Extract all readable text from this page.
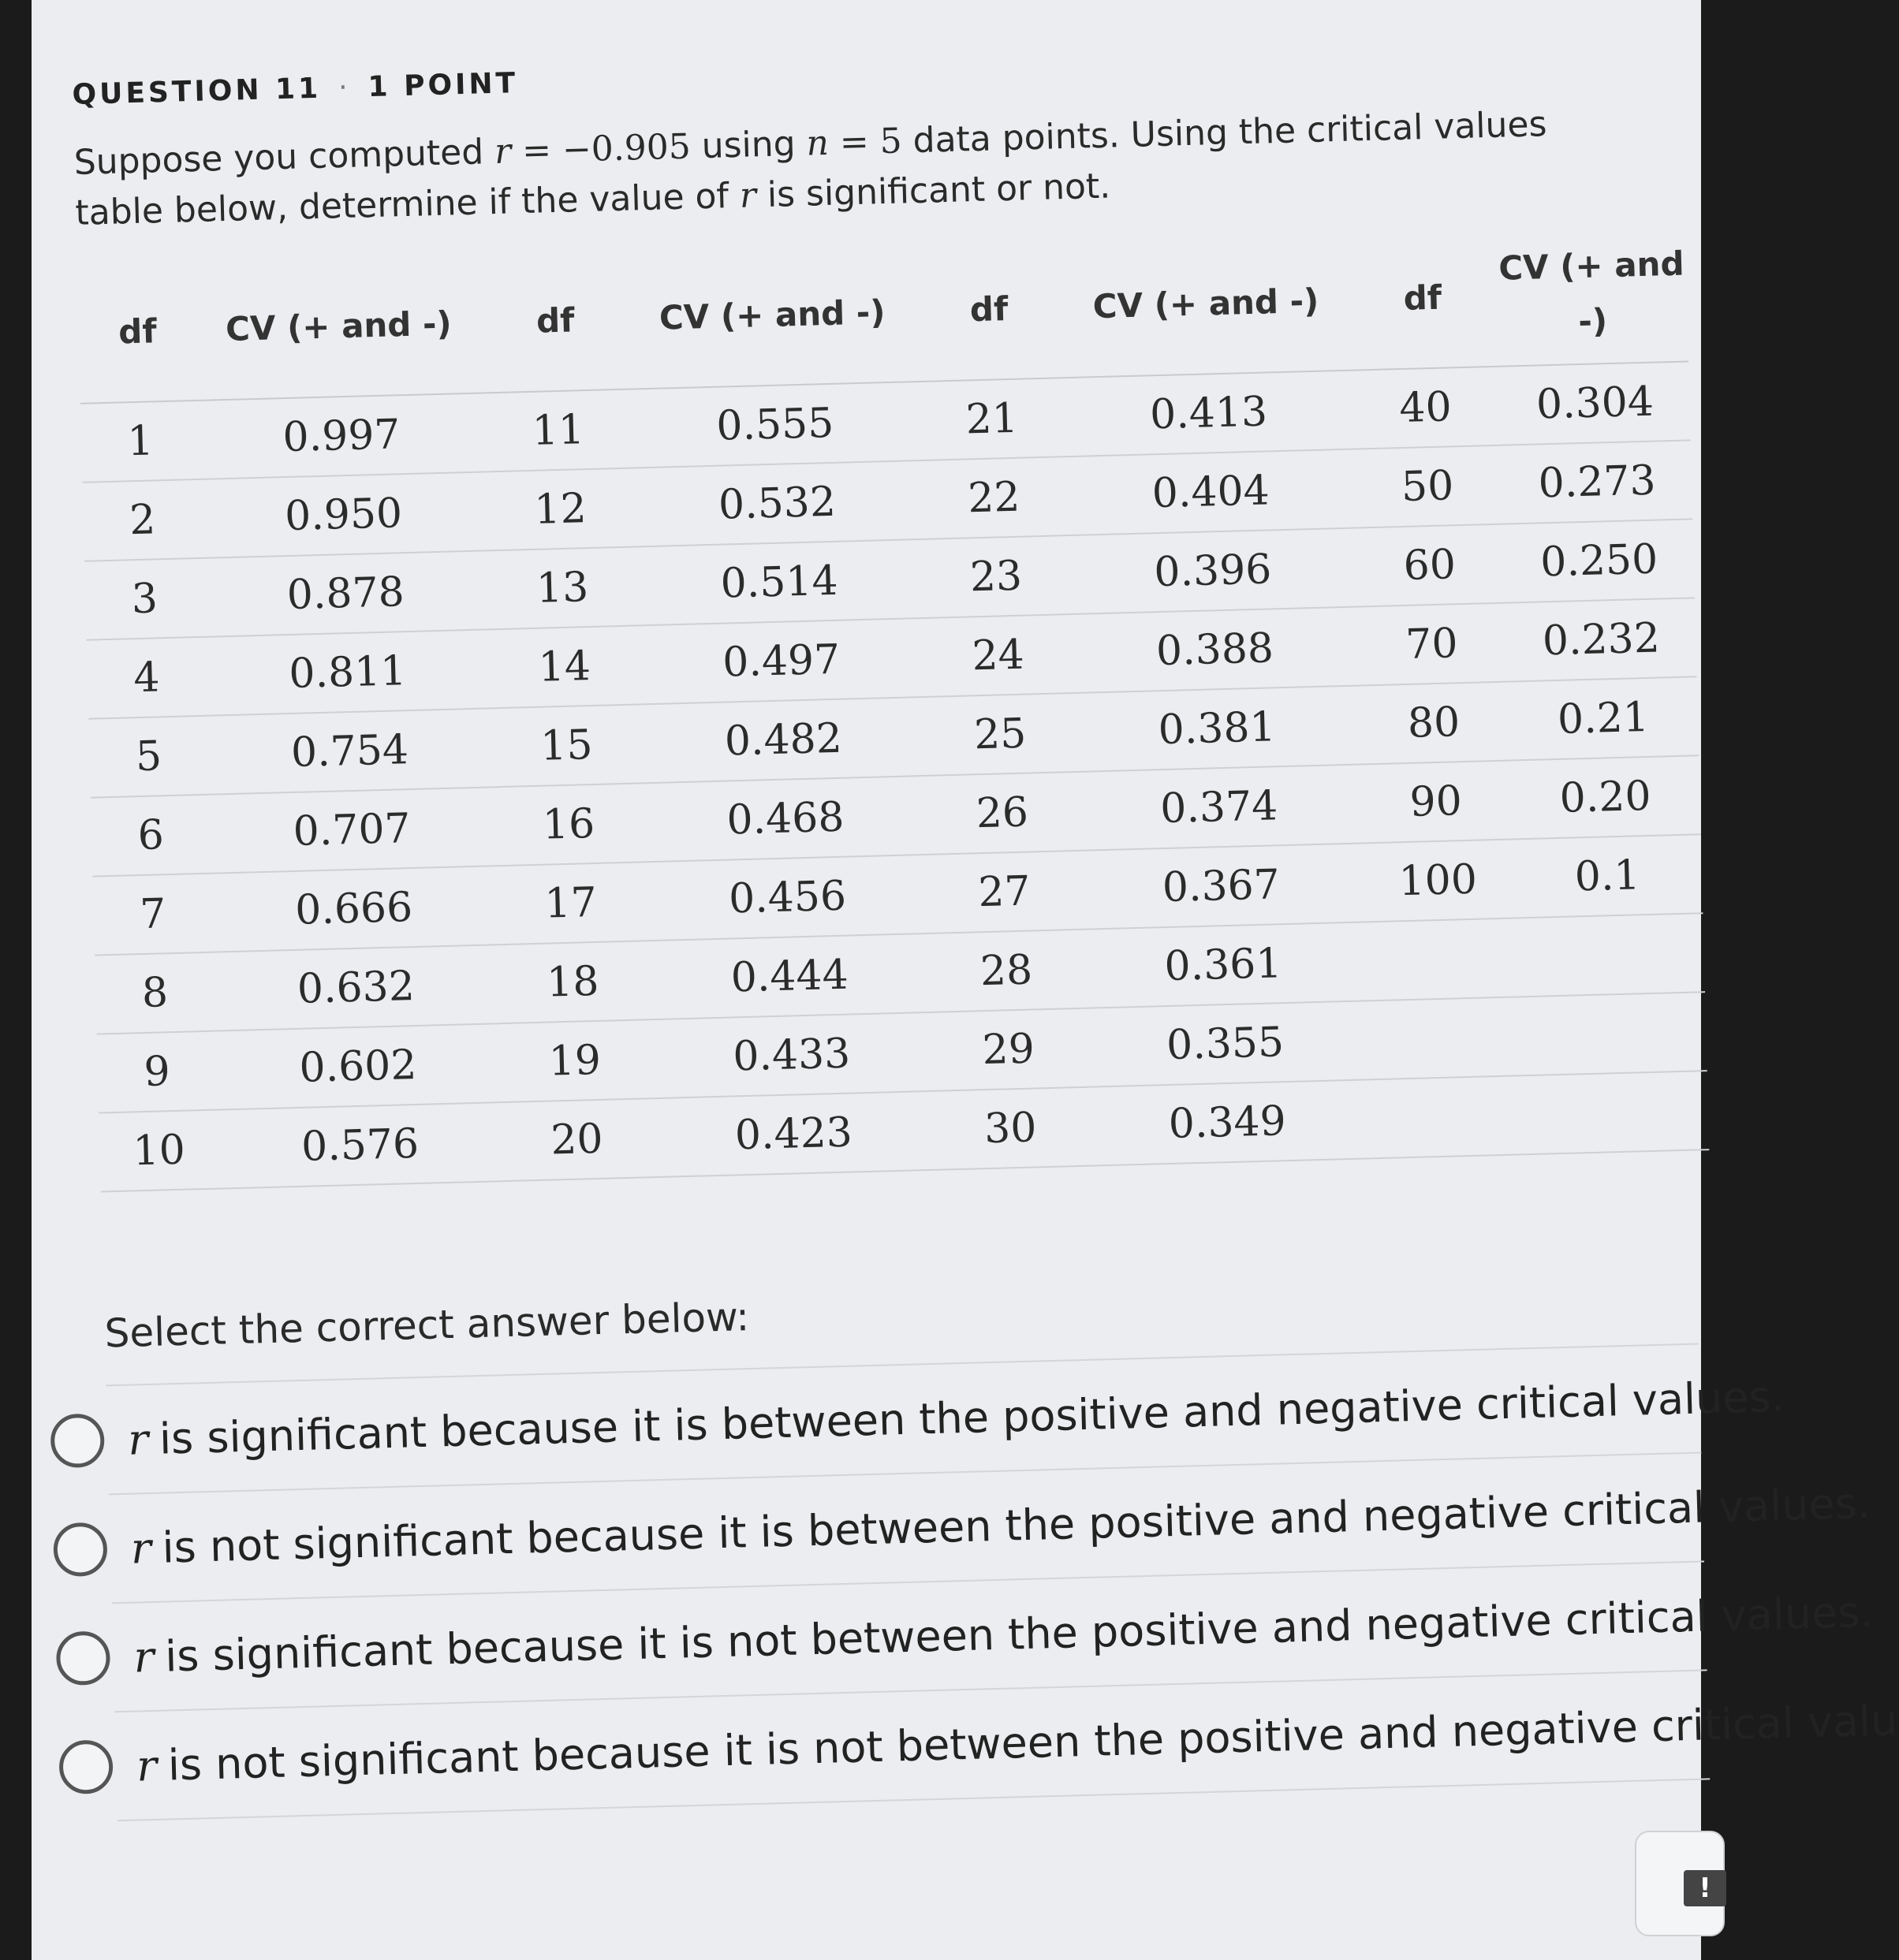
QUESTION 11 · 1 POINT
Suppose you computed r = −0.905 using n = 5 data points. Using the critical values table below, determine if the value of r is significant or not.
df	CV (+ and -)	df	CV (+ and -)	df	CV (+ and -)	df	CV (+ and -)
1	0.997	11	0.555	21	0.413	40	0.304
2	0.950	12	0.532	22	0.404	50	0.273
3	0.878	13	0.514	23	0.396	60	0.250
4	0.811	14	0.497	24	0.388	70	0.232
5	0.754	15	0.482	25	0.381	80	0.21
6	0.707	16	0.468	26	0.374	90	0.20
7	0.666	17	0.456	27	0.367	100	0.1
8	0.632	18	0.444	28	0.361		
9	0.602	19	0.433	29	0.355		
10	0.576	20	0.423	30	0.349		
Select the correct answer below:
r is significant because it is between the positive and negative critical values.
r is not significant because it is between the positive and negative critical values.
r is significant because it is not between the positive and negative critical values.
r is not significant because it is not between the positive and negative critical valu
!
